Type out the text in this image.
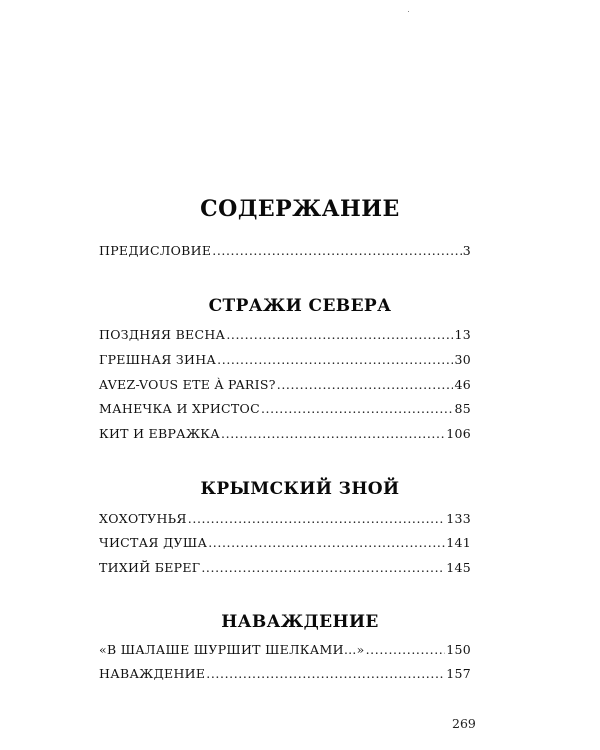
СОДЕРЖАНИЕ
ПРЕДИСЛОВИЕ .....	3
СТРАЖИ СЕВЕРА
ПОЗДНЯЯ ВЕСНА .....	13
ГРЕШНАЯ ЗИНА .....	30
AVEZ-VOUS ETE À PARIS? .....	46
МАНЕЧКА И ХРИСТОС .....	85
КИТ И ЕВРАЖКА .....	106
КРЫМСКИЙ ЗНОЙ
ХОХОТУНЬЯ .....	133
ЧИСТАЯ ДУША .....	141
ТИХИЙ БЕРЕГ .....	145
НАВАЖДЕНИЕ
«В ШАЛАШЕ ШУРШИТ ШЕЛКАМИ…» .....	150
НАВАЖДЕНИЕ .....	157
269
